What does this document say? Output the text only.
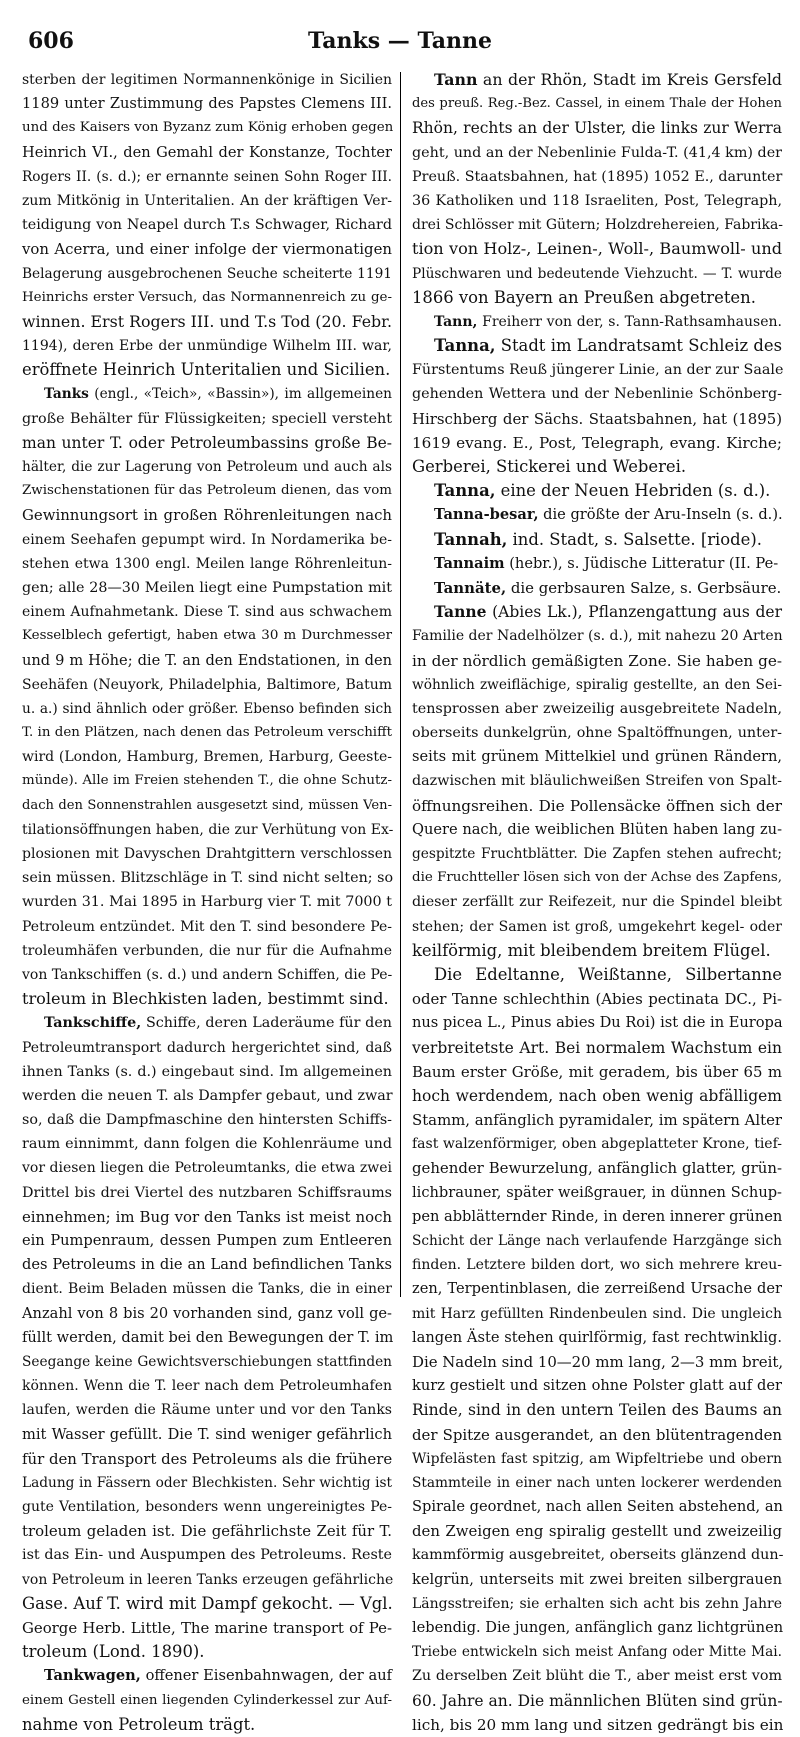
606	Tanks — Tanne
sterben der legitimen Normannenkönige in Sicilien
1189 unter Zustimmung des Papstes Clemens III.
und des Kaisers von Byzanz zum König erhoben gegen
Heinrich VI., den Gemahl der Konstanze, Tochter
Rogers II. (s. d.); er ernannte seinen Sohn Roger III.
zum Mitkönig in Unteritalien. An der kräftigen Ver-
teidigung von Neapel durch T.s Schwager, Richard
von Acerra, und einer infolge der viermonatigen
Belagerung ausgebrochenen Seuche scheiterte 1191
Heinrichs erster Versuch, das Normannenreich zu ge-
winnen. Erst Rogers III. und T.s Tod (20. Febr.
1194), deren Erbe der unmündige Wilhelm III. war,
eröffnete Heinrich Unteritalien und Sicilien.
Tanks (engl., «Teich», «Bassin»), im allgemeinen
große Behälter für Flüssigkeiten; speciell versteht
man unter T. oder Petroleumbassins große Be-
hälter, die zur Lagerung von Petroleum und auch als
Zwischenstationen für das Petroleum dienen, das vom
Gewinnungsort in großen Röhrenleitungen nach
einem Seehafen gepumpt wird. In Nordamerika be-
stehen etwa 1300 engl. Meilen lange Röhrenleitun-
gen; alle 28—30 Meilen liegt eine Pumpstation mit
einem Aufnahmetank. Diese T. sind aus schwachem
Kesselblech gefertigt, haben etwa 30 m Durchmesser
und 9 m Höhe; die T. an den Endstationen, in den
Seehäfen (Neuyork, Philadelphia, Baltimore, Batum
u. a.) sind ähnlich oder größer. Ebenso befinden sich
T. in den Plätzen, nach denen das Petroleum verschifft
wird (London, Hamburg, Bremen, Harburg, Geeste-
münde). Alle im Freien stehenden T., die ohne Schutz-
dach den Sonnenstrahlen ausgesetzt sind, müssen Ven-
tilationsöffnungen haben, die zur Verhütung von Ex-
plosionen mit Davyschen Drahtgittern verschlossen
sein müssen. Blitzschläge in T. sind nicht selten; so
wurden 31. Mai 1895 in Harburg vier T. mit 7000 t
Petroleum entzündet. Mit den T. sind besondere Pe-
troleumhäfen verbunden, die nur für die Aufnahme
von Tankschiffen (s. d.) und andern Schiffen, die Pe-
troleum in Blechkisten laden, bestimmt sind.
Tankschiffe, Schiffe, deren Laderäume für den
Petroleumtransport dadurch hergerichtet sind, daß
ihnen Tanks (s. d.) eingebaut sind. Im allgemeinen
werden die neuen T. als Dampfer gebaut, und zwar
so, daß die Dampfmaschine den hintersten Schiffs-
raum einnimmt, dann folgen die Kohlenräume und
vor diesen liegen die Petroleumtanks, die etwa zwei
Drittel bis drei Viertel des nutzbaren Schiffsraums
einnehmen; im Bug vor den Tanks ist meist noch
ein Pumpenraum, dessen Pumpen zum Entleeren
des Petroleums in die an Land befindlichen Tanks
dient. Beim Beladen müssen die Tanks, die in einer
Anzahl von 8 bis 20 vorhanden sind, ganz voll ge-
füllt werden, damit bei den Bewegungen der T. im
Seegange keine Gewichtsverschiebungen stattfinden
können. Wenn die T. leer nach dem Petroleumhafen
laufen, werden die Räume unter und vor den Tanks
mit Wasser gefüllt. Die T. sind weniger gefährlich
für den Transport des Petroleums als die frühere
Ladung in Fässern oder Blechkisten. Sehr wichtig ist
gute Ventilation, besonders wenn ungereinigtes Pe-
troleum geladen ist. Die gefährlichste Zeit für T.
ist das Ein- und Auspumpen des Petroleums. Reste
von Petroleum in leeren Tanks erzeugen gefährliche
Gase. Auf T. wird mit Dampf gekocht. — Vgl.
George Herb. Little, The marine transport of Pe-
troleum (Lond. 1890).
Tankwagen, offener Eisenbahnwagen, der auf
einem Gestell einen liegenden Cylinderkessel zur Auf-
nahme von Petroleum trägt.
Tann an der Rhön, Stadt im Kreis Gersfeld
des preuß. Reg.-Bez. Cassel, in einem Thale der Hohen
Rhön, rechts an der Ulster, die links zur Werra
geht, und an der Nebenlinie Fulda-T. (41,4 km) der
Preuß. Staatsbahnen, hat (1895) 1052 E., darunter
36 Katholiken und 118 Israeliten, Post, Telegraph,
drei Schlösser mit Gütern; Holzdrehereien, Fabrika-
tion von Holz-, Leinen-, Woll-, Baumwoll- und
Plüschwaren und bedeutende Viehzucht. — T. wurde
1866 von Bayern an Preußen abgetreten.
Tann, Freiherr von der, s. Tann-Rathsamhausen.
Tanna, Stadt im Landratsamt Schleiz des
Fürstentums Reuß jüngerer Linie, an der zur Saale
gehenden Wettera und der Nebenlinie Schönberg-
Hirschberg der Sächs. Staatsbahnen, hat (1895)
1619 evang. E., Post, Telegraph, evang. Kirche;
Gerberei, Stickerei und Weberei.
Tanna, eine der Neuen Hebriden (s. d.).
Tanna-besar, die größte der Aru-Inseln (s. d.).
Tannah, ind. Stadt, s. Salsette. [riode).
Tannaim (hebr.), s. Jüdische Litteratur (II. Pe-
Tannäte, die gerbsauren Salze, s. Gerbsäure.
Tanne (Abies Lk.), Pflanzengattung aus der
Familie der Nadelhölzer (s. d.), mit nahezu 20 Arten
in der nördlich gemäßigten Zone. Sie haben ge-
wöhnlich zweiflächige, spiralig gestellte, an den Sei-
tensprossen aber zweizeilig ausgebreitete Nadeln,
oberseits dunkelgrün, ohne Spaltöffnungen, unter-
seits mit grünem Mittelkiel und grünen Rändern,
dazwischen mit bläulichweißen Streifen von Spalt-
öffnungsreihen. Die Pollensäcke öffnen sich der
Quere nach, die weiblichen Blüten haben lang zu-
gespitzte Fruchtblätter. Die Zapfen stehen aufrecht;
die Fruchtteller lösen sich von der Achse des Zapfens,
dieser zerfällt zur Reifezeit, nur die Spindel bleibt
stehen; der Samen ist groß, umgekehrt kegel- oder
keilförmig, mit bleibendem breitem Flügel.
Die Edeltanne, Weißtanne, Silbertanne
oder Tanne schlechthin (Abies pectinata DC., Pi-
nus picea L., Pinus abies Du Roi) ist die in Europa
verbreitetste Art. Bei normalem Wachstum ein
Baum erster Größe, mit geradem, bis über 65 m
hoch werdendem, nach oben wenig abfälligem
Stamm, anfänglich pyramidaler, im spätern Alter
fast walzenförmiger, oben abgeplatteter Krone, tief-
gehender Bewurzelung, anfänglich glatter, grün-
lichbrauner, später weißgrauer, in dünnen Schup-
pen abblätternder Rinde, in deren innerer grünen
Schicht der Länge nach verlaufende Harzgänge sich
finden. Letztere bilden dort, wo sich mehrere kreu-
zen, Terpentinblasen, die zerreißend Ursache der
mit Harz gefüllten Rindenbeulen sind. Die ungleich
langen Äste stehen quirlförmig, fast rechtwinklig.
Die Nadeln sind 10—20 mm lang, 2—3 mm breit,
kurz gestielt und sitzen ohne Polster glatt auf der
Rinde, sind in den untern Teilen des Baums an
der Spitze ausgerandet, an den blütentragenden
Wipfelästen fast spitzig, am Wipfeltriebe und obern
Stammteile in einer nach unten lockerer werdenden
Spirale geordnet, nach allen Seiten abstehend, an
den Zweigen eng spiralig gestellt und zweizeilig
kammförmig ausgebreitet, oberseits glänzend dun-
kelgrün, unterseits mit zwei breiten silbergrauen
Längsstreifen; sie erhalten sich acht bis zehn Jahre
lebendig. Die jungen, anfänglich ganz lichtgrünen
Triebe entwickeln sich meist Anfang oder Mitte Mai.
Zu derselben Zeit blüht die T., aber meist erst vom
60. Jahre an. Die männlichen Blüten sind grün-
lich, bis 20 mm lang und sitzen gedrängt bis ein
